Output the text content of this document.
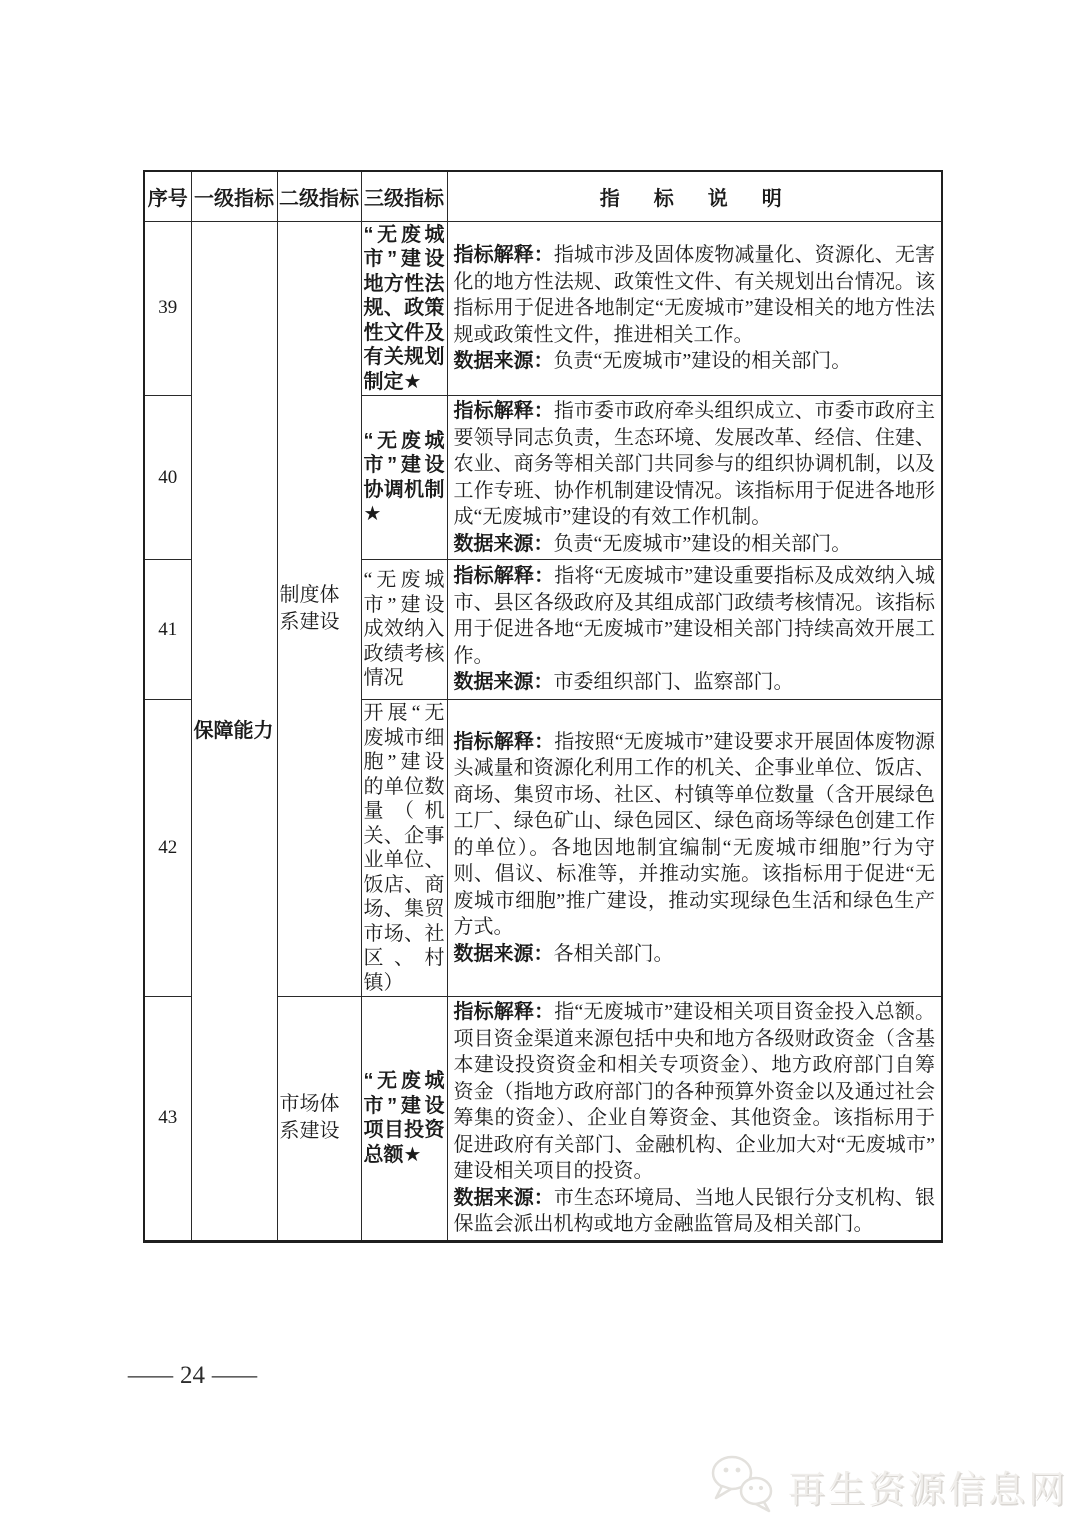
序号	一级指标	二级指标	三级指标	指　标　说　明
39	保障能力	制度体系建设	“无废城市”建设地方性法规、政策性文件及有关规划制定★	指标解释：指城市涉及固体废物减量化、资源化、无害化的地方性法规、政策性文件、有关规划出台情况。该指标用于促进各地制定“无废城市”建设相关的地方性法规或政策性文件，推进相关工作。

数据来源：负责“无废城市”建设的相关部门。

40			“无废城市”建设协调机制★	指标解释：指市委市政府牵头组织成立、市委市政府主要领导同志负责，生态环境、发展改革、经信、住建、农业、商务等相关部门共同参与的组织协调机制，以及工作专班、协作机制建设情况。该指标用于促进各地形成“无废城市”建设的有效工作机制。

数据来源：负责“无废城市”建设的相关部门。

41			“无废城市”建设成效纳入政绩考核情况	指标解释：指将“无废城市”建设重要指标及成效纳入城市、县区各级政府及其组成部门政绩考核情况。该指标用于促进各地“无废城市”建设相关部门持续高效开展工作。

数据来源：市委组织部门、监察部门。

42			开展“无废城市细胞”建设的单位数量（机关、企事业单位、饭店、商场、集贸市场、社区、村镇）	指标解释：指按照“无废城市”建设要求开展固体废物源头减量和资源化利用工作的机关、企事业单位、饭店、商场、集贸市场、社区、村镇等单位数量（含开展绿色工厂、绿色矿山、绿色园区、绿色商场等绿色创建工作的单位）。各地因地制宜编制“无废城市细胞”行为守则、倡议、标准等，并推动实施。该指标用于促进“无废城市细胞”推广建设，推动实现绿色生活和绿色生产方式。

数据来源：各相关部门。

43		市场体系建设	“无废城市”建设项目投资总额★	指标解释：指“无废城市”建设相关项目资金投入总额。项目资金渠道来源包括中央和地方各级财政资金（含基本建设投资资金和相关专项资金）、地方政府部门自筹资金（指地方政府部门的各种预算外资金以及通过社会筹集的资金）、企业自筹资金、其他资金。该指标用于促进政府有关部门、金融机构、企业加大对“无废城市”建设相关项目的投资。

数据来源：市生态环境局、当地人民银行分支机构、银保监会派出机构或地方金融监管局及相关部门。

— 24 —
再生资源信息网
